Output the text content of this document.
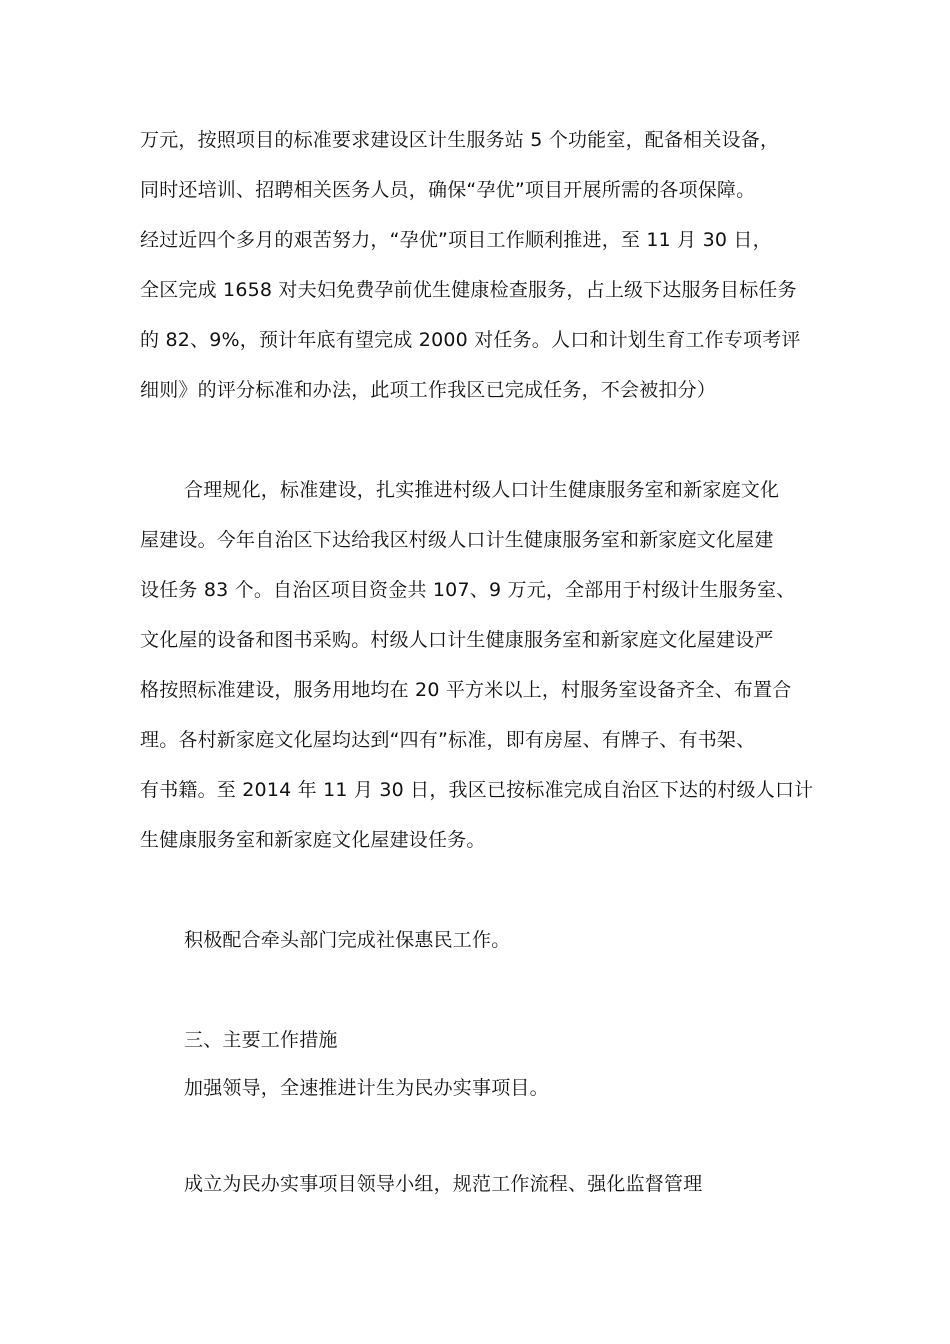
万元，按照项目的标准要求建设区计生服务站 5 个功能室，配备相关设备，
同时还培训、招聘相关医务人员，确保“孕优”项目开展所需的各项保障。
经过近四个多月的艰苦努力，“孕优”项目工作顺利推进，至 11 月 30 日，
全区完成 1658 对夫妇免费孕前优生健康检查服务，占上级下达服务目标任务
的 82、9%，预计年底有望完成 2000 对任务。人口和计划生育工作专项考评
细则》的评分标准和办法，此项工作我区已完成任务，不会被扣分）
合理规化，标准建设，扎实推进村级人口计生健康服务室和新家庭文化
屋建设。今年自治区下达给我区村级人口计生健康服务室和新家庭文化屋建
设任务 83 个。自治区项目资金共 107、9 万元，全部用于村级计生服务室、
文化屋的设备和图书采购。村级人口计生健康服务室和新家庭文化屋建设严
格按照标准建设，服务用地均在 20 平方米以上，村服务室设备齐全、布置合
理。各村新家庭文化屋均达到“四有”标准，即有房屋、有牌子、有书架、
有书籍。至 2014 年 11 月 30 日，我区已按标准完成自治区下达的村级人口计
生健康服务室和新家庭文化屋建设任务。
积极配合牵头部门完成社保惠民工作。
三、主要工作措施
加强领导，全速推进计生为民办实事项目。
成立为民办实事项目领导小组，规范工作流程、强化监督管理
